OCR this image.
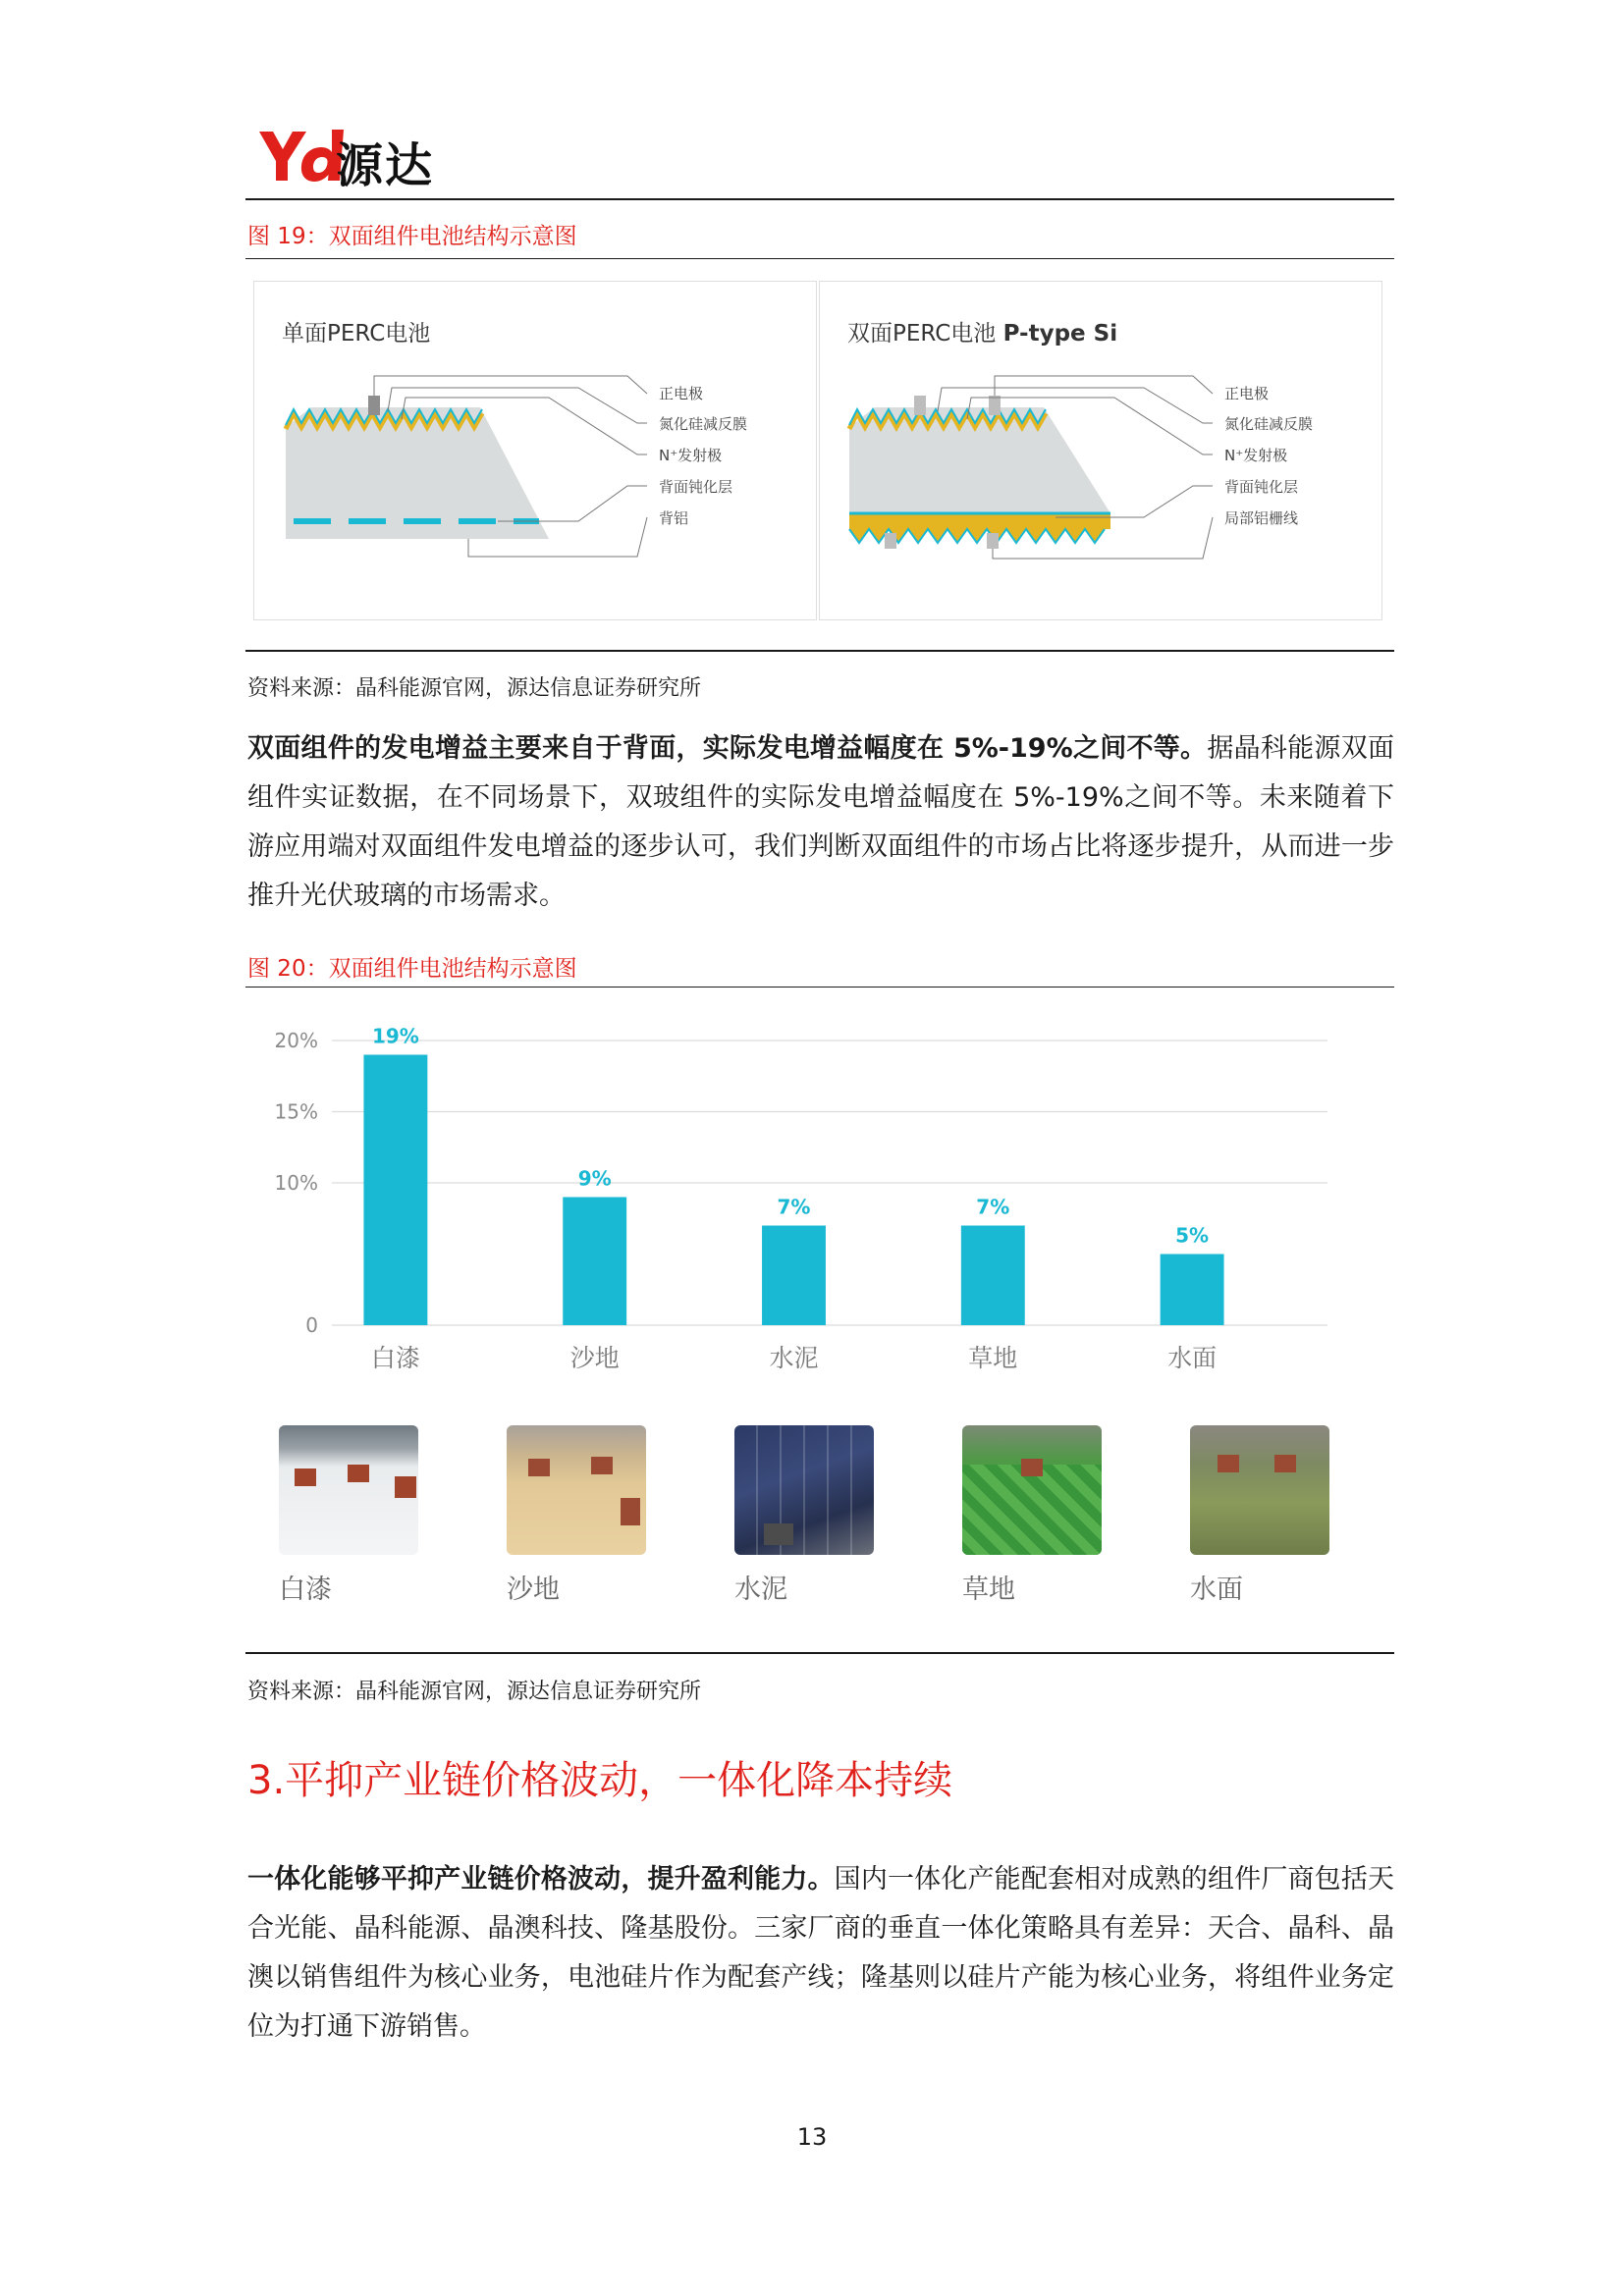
源达
图 19：双面组件电池结构示意图
单面PERC电池
正电极
氮化硅减反膜
N⁺发射极
背面钝化层
背铝
双面PERC电池 P-type Si
正电极
氮化硅减反膜
N⁺发射极
背面钝化层
局部铝栅线
资料来源：晶科能源官网，源达信息证券研究所
双面组件的发电增益主要来自于背面，实际发电增益幅度在 5%-19%之间不等。据晶科能源双面组件实证数据，在不同场景下，双玻组件的实际发电增益幅度在 5%-19%之间不等。未来随着下游应用端对双面组件发电增益的逐步认可，我们判断双面组件的市场占比将逐步提升，从而进一步推升光伏玻璃的市场需求。
图 20：双面组件电池结构示意图
0
10%
15%
20%	19%
9%
7%	7%
5%
白漆	沙地	水泥	草地	水面
白漆	沙地	水泥	草地	水面
资料来源：晶科能源官网，源达信息证券研究所
3.平抑产业链价格波动，一体化降本持续
一体化能够平抑产业链价格波动，提升盈利能力。国内一体化产能配套相对成熟的组件厂商包括天合光能、晶科能源、晶澳科技、隆基股份。三家厂商的垂直一体化策略具有差异：天合、晶科、晶澳以销售组件为核心业务，电池硅片作为配套产线；隆基则以硅片产能为核心业务，将组件业务定位为打通下游销售。
13
